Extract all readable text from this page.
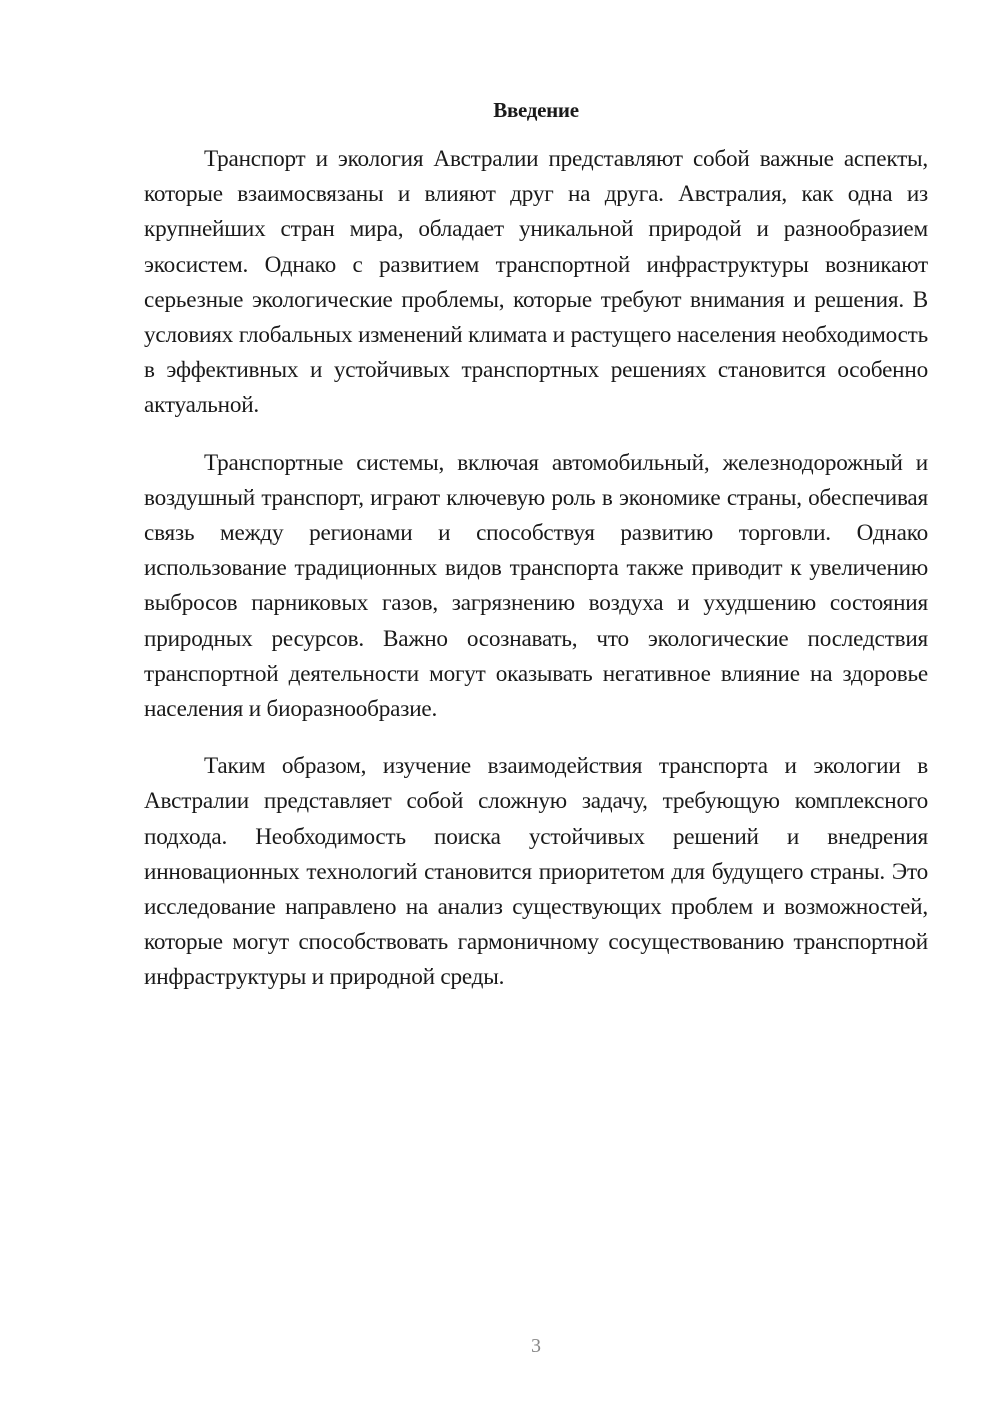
Введение

Транспорт и экология Австралии представляют собой важные аспекты, которые взаимосвязаны и влияют друг на друга. Австралия, как одна из крупнейших стран мира, обладает уникальной природой и разнообразием экосистем. Однако с развитием транспортной инфраструктуры возникают серьезные экологические проблемы, которые требуют внимания и решения. В условиях глобальных изменений климата и растущего населения необходимость в эффективных и устойчивых транспортных решениях становится особенно актуальной.

Транспортные системы, включая автомобильный, железнодорожный и воздушный транспорт, играют ключевую роль в экономике страны, обеспечивая связь между регионами и способствуя развитию торговли. Однако использование традиционных видов транспорта также приводит к увеличению выбросов парниковых газов, загрязнению воздуха и ухудшению состояния природных ресурсов. Важно осознавать, что экологические последствия транспортной деятельности могут оказывать негативное влияние на здоровье населения и биоразнообразие.

Таким образом, изучение взаимодействия транспорта и экологии в Австралии представляет собой сложную задачу, требующую комплексного подхода. Необходимость поиска устойчивых решений и внедрения инновационных технологий становится приоритетом для будущего страны. Это исследование направлено на анализ существующих проблем и возможностей, которые могут способствовать гармоничному сосуществованию транспортной инфраструктуры и природной среды.

3
